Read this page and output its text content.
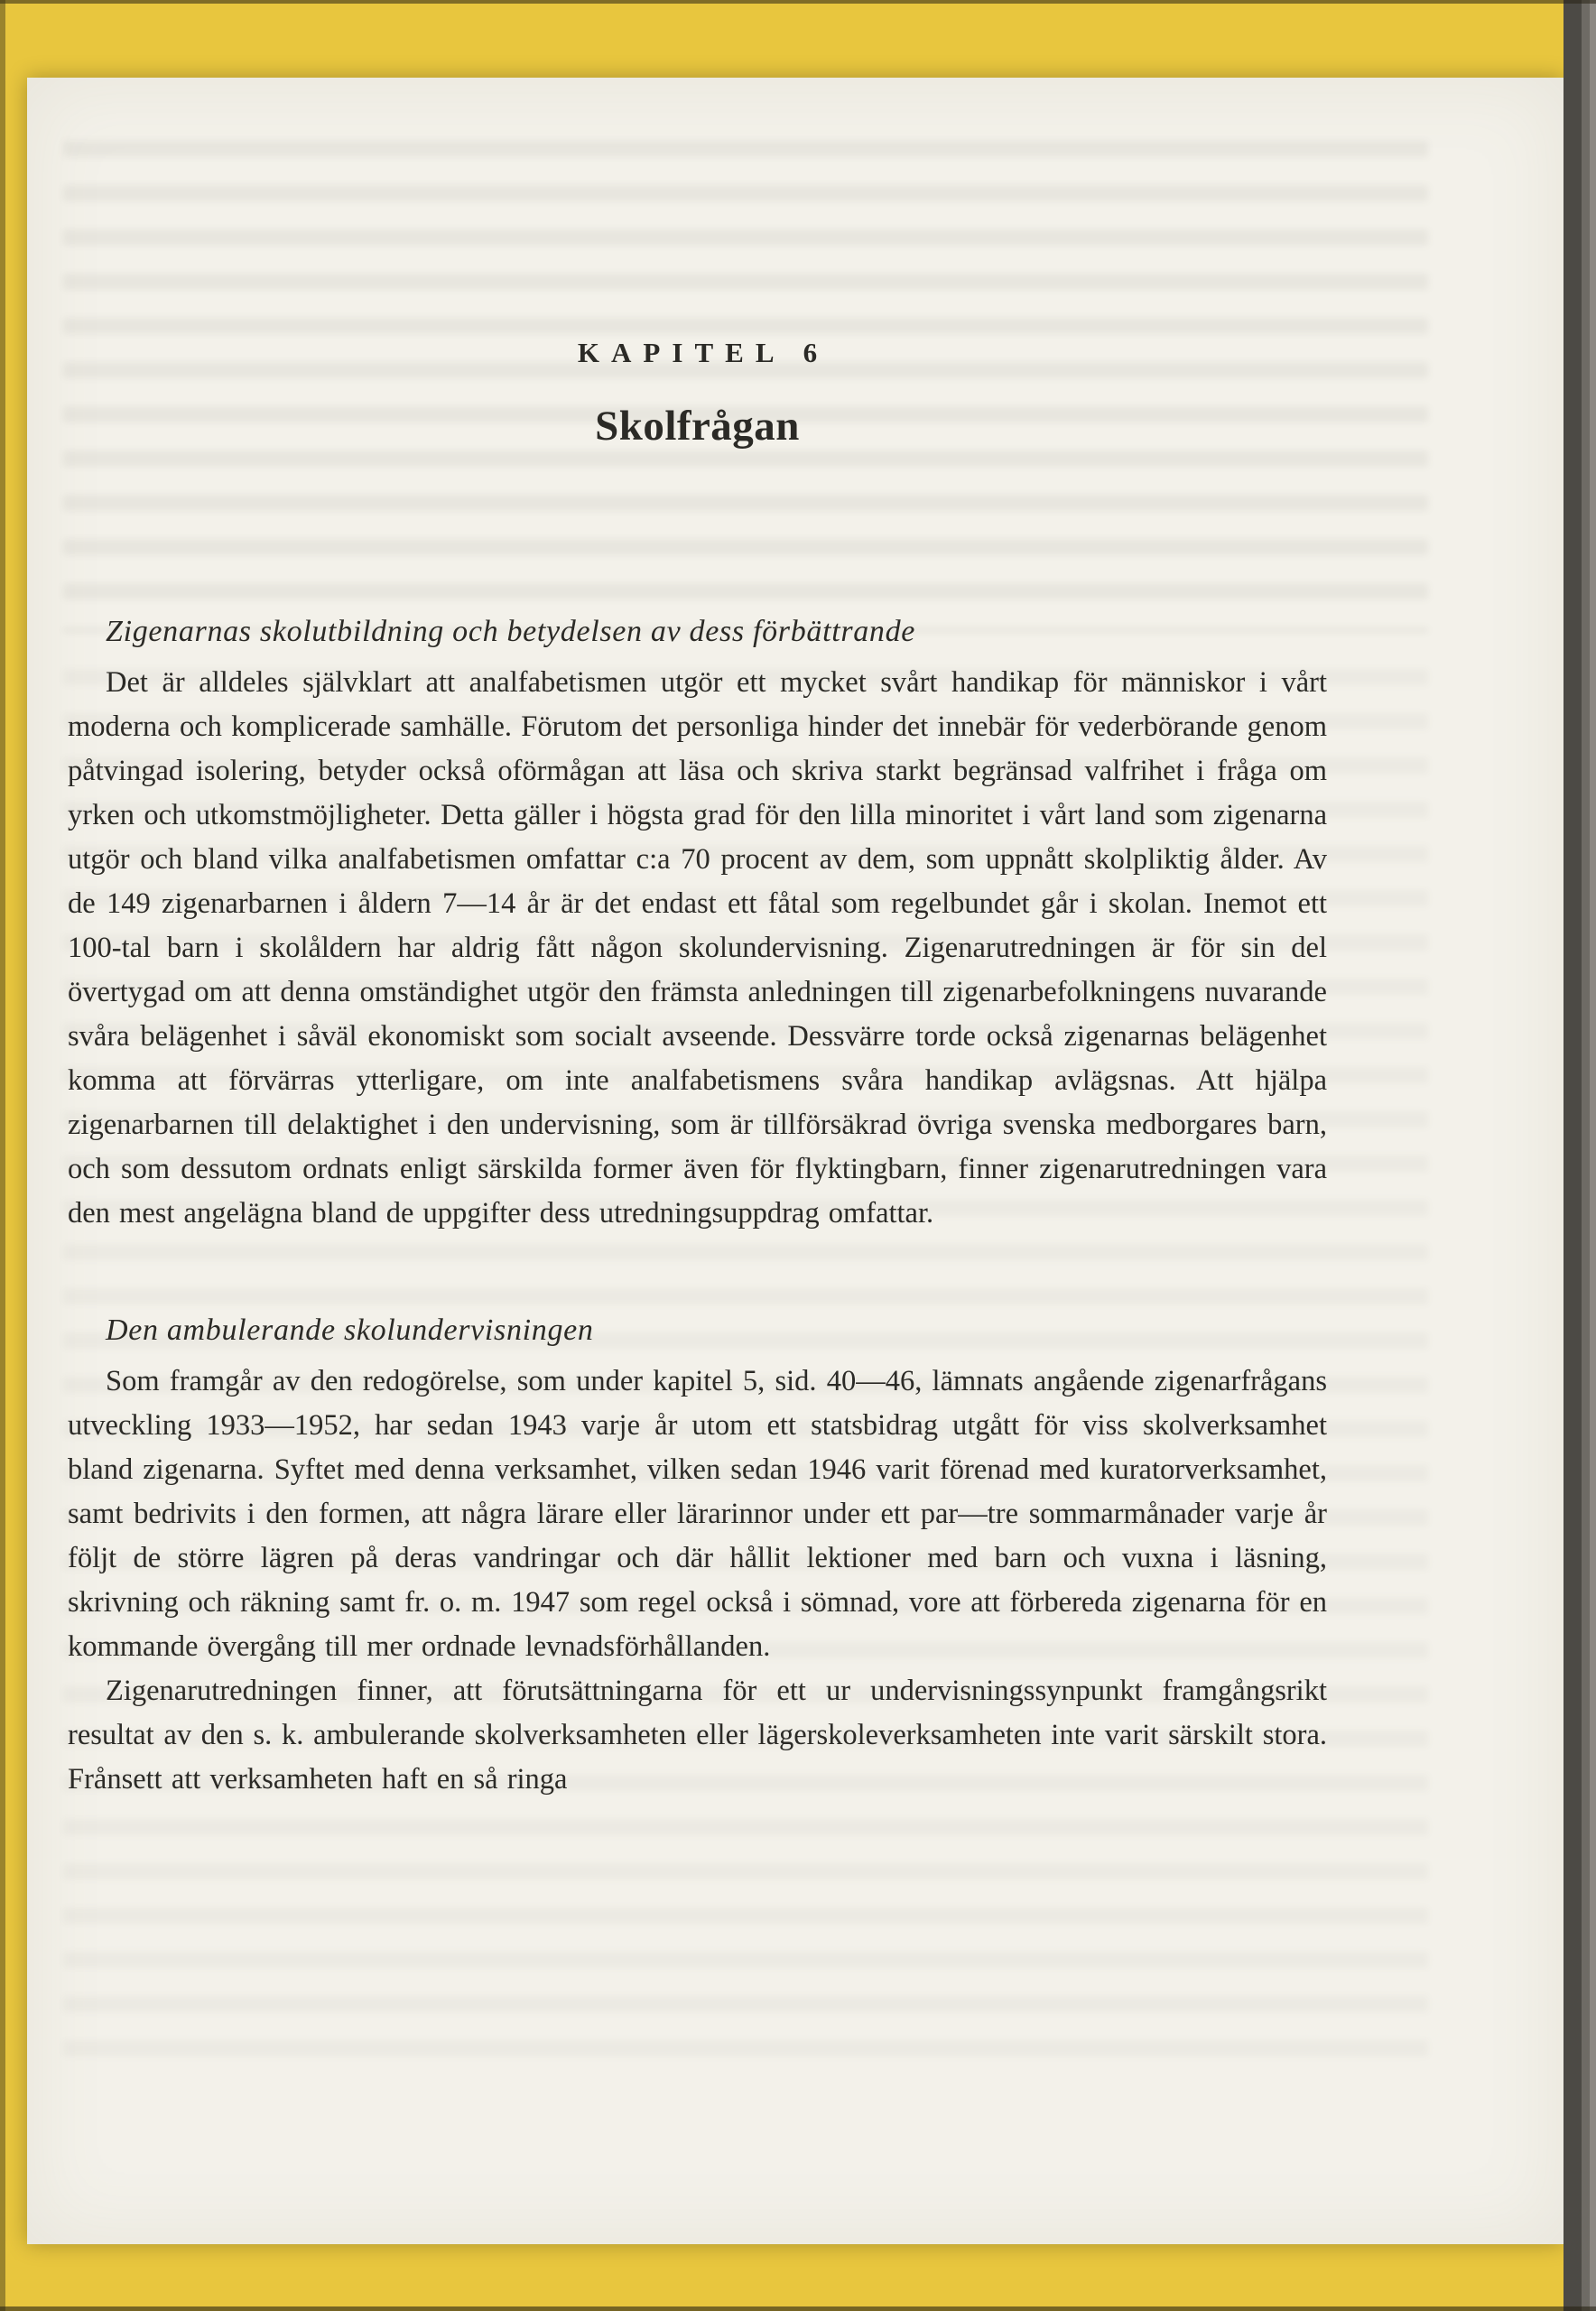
KAPITEL 6
Skolfrågan
Zigenarnas skolutbildning och betydelsen av dess förbättrande

Det är alldeles självklart att analfabetismen utgör ett mycket svårt handikap för människor i vårt moderna och komplicerade samhälle. Förutom det personliga hinder det innebär för vederbörande genom påtvingad isolering, betyder också oförmågan att läsa och skriva starkt begränsad valfrihet i fråga om yrken och utkomstmöjligheter. Detta gäller i högsta grad för den lilla minoritet i vårt land som zigenarna utgör och bland vilka analfabetismen omfattar c:a 70 procent av dem, som uppnått skolpliktig ålder. Av de 149 zigenarbarnen i åldern 7—14 år är det endast ett fåtal som regelbundet går i skolan. Inemot ett 100-tal barn i skolåldern har aldrig fått någon skolundervisning. Zigenarutredningen är för sin del övertygad om att denna omständighet utgör den främsta anledningen till zigenarbefolkningens nuvarande svåra belägenhet i såväl ekonomiskt som socialt avseende. Dessvärre torde också zigenarnas belägenhet komma att förvärras ytterligare, om inte analfabetismens svåra handikap avlägsnas. Att hjälpa zigenarbarnen till delaktighet i den undervisning, som är tillförsäkrad övriga svenska medborgares barn, och som dessutom ordnats enligt särskilda former även för flyktingbarn, finner zigenarutredningen vara den mest angelägna bland de uppgifter dess utredningsuppdrag omfattar.

Den ambulerande skolundervisningen

Som framgår av den redogörelse, som under kapitel 5, sid. 40—46, lämnats angående zigenarfrågans utveckling 1933—1952, har sedan 1943 varje år utom ett statsbidrag utgått för viss skolverksamhet bland zigenarna. Syftet med denna verksamhet, vilken sedan 1946 varit förenad med kuratorverksamhet, samt bedrivits i den formen, att några lärare eller lärarinnor under ett par—tre sommarmånader varje år följt de större lägren på deras vandringar och där hållit lektioner med barn och vuxna i läsning, skrivning och räkning samt fr. o. m. 1947 som regel också i sömnad, vore att förbereda zigenarna för en kommande övergång till mer ordnade levnadsförhållanden.

Zigenarutredningen finner, att förutsättningarna för ett ur undervisningssynpunkt framgångsrikt resultat av den s. k. ambulerande skolverksamheten eller lägerskoleverksamheten inte varit särskilt stora. Frånsett att verksamheten haft en så ringa
